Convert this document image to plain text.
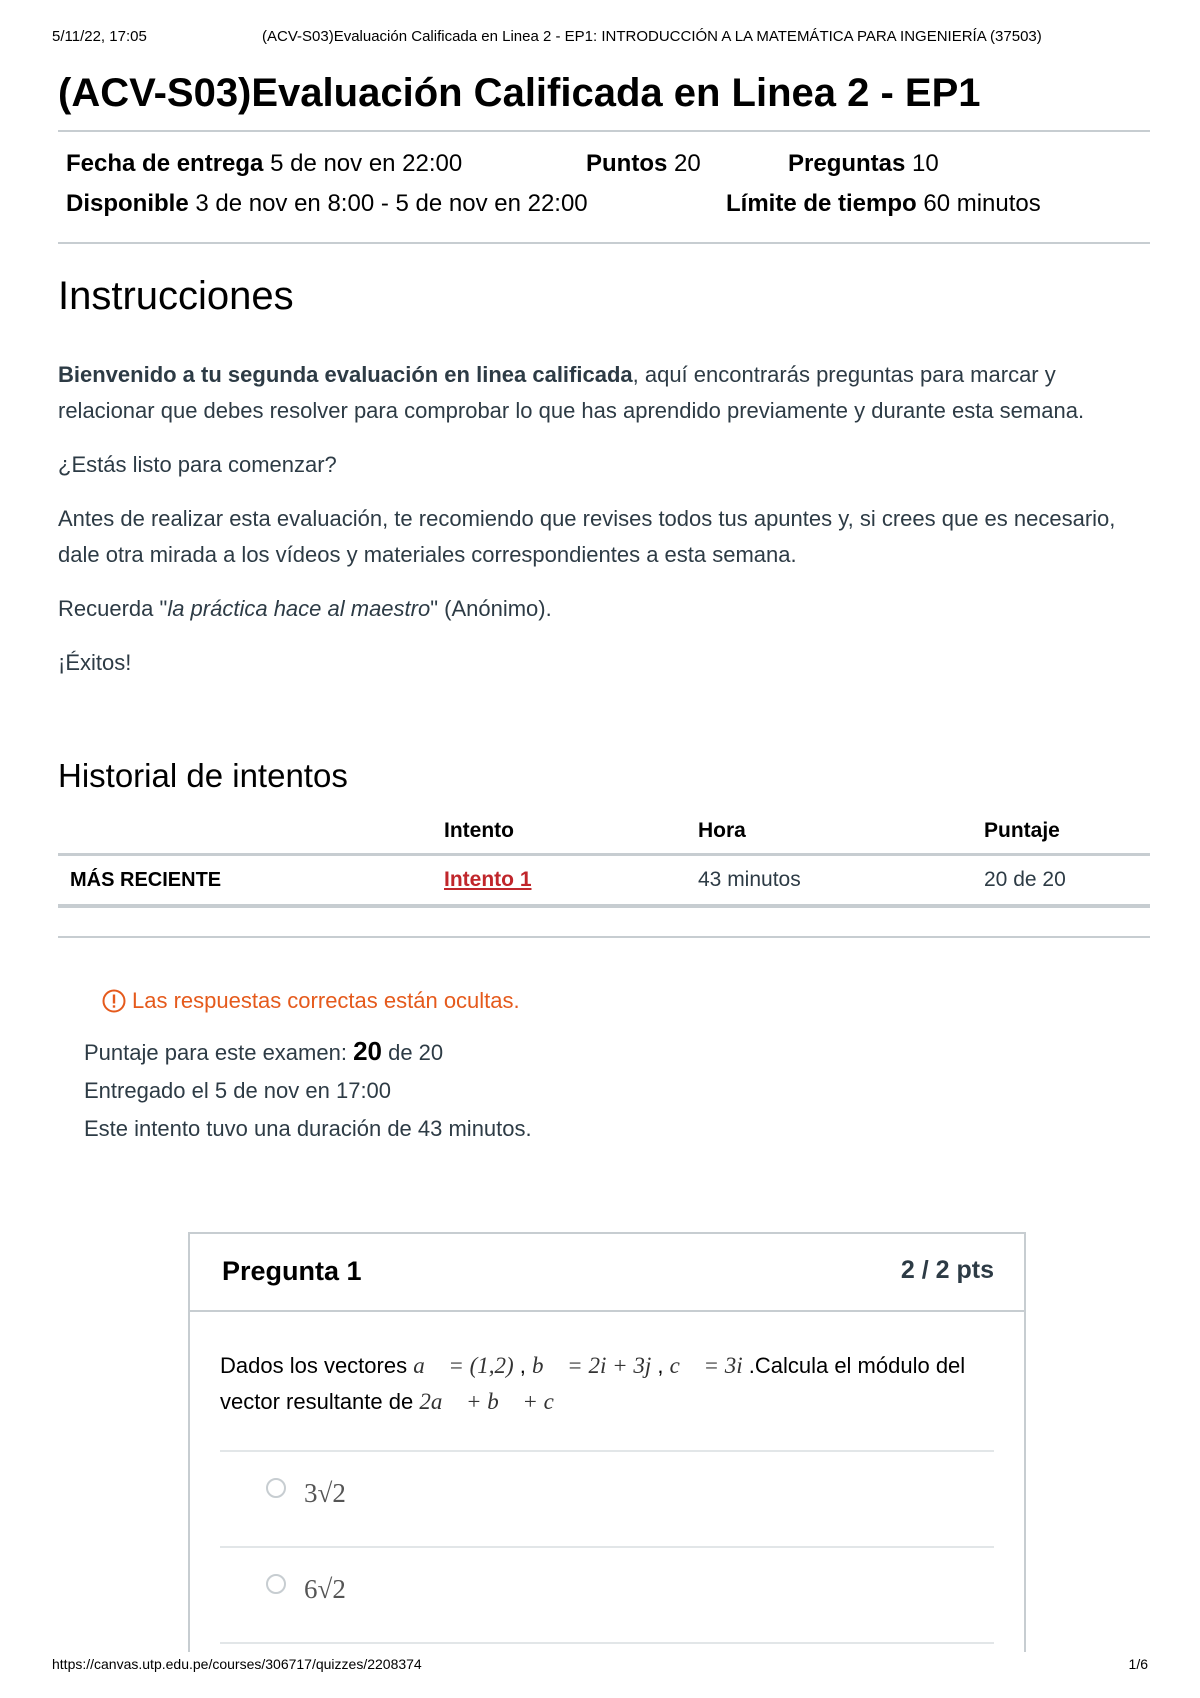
5/11/22, 17:05	(ACV-S03)Evaluación Calificada en Linea 2 - EP1: INTRODUCCIÓN A LA MATEMÁTICA PARA INGENIERÍA (37503)
(ACV-S03)Evaluación Calificada en Linea 2 - EP1
Fecha de entrega 5 de nov en 22:00	Puntos 20	Preguntas 10
Disponible 3 de nov en 8:00 - 5 de nov en 22:00	Límite de tiempo 60 minutos
Instrucciones

Bienvenido a tu segunda evaluación en linea calificada, aquí encontrarás preguntas para marcar y relacionar que debes resolver para comprobar lo que has aprendido previamente y durante esta semana.

¿Estás listo para comenzar?

Antes de realizar esta evaluación, te recomiendo que revises todos tus apuntes y, si crees que es necesario, dale otra mirada a los vídeos y materiales correspondientes a esta semana.

Recuerda "la práctica hace al maestro" (Anónimo).

¡Éxitos!

Historial de intentos
	Intento	Hora	Puntaje
MÁS RECIENTE	Intento 1	43 minutos	20 de 20
Las respuestas correctas están ocultas.

Puntaje para este examen: 20 de 20

Entregado el 5 de nov en 17:00

Este intento tuvo una duración de 43 minutos.

Pregunta 1	2 / 2 pts
Dados los vectores a⃗ = (1,2) , b⃗ = 2i + 3j , c⃗ = 3i .Calcula el módulo del vector resultante de 2a⃗ + b⃗ + c⃗
3√2
6√2
https://canvas.utp.edu.pe/courses/306717/quizzes/2208374	1/6
